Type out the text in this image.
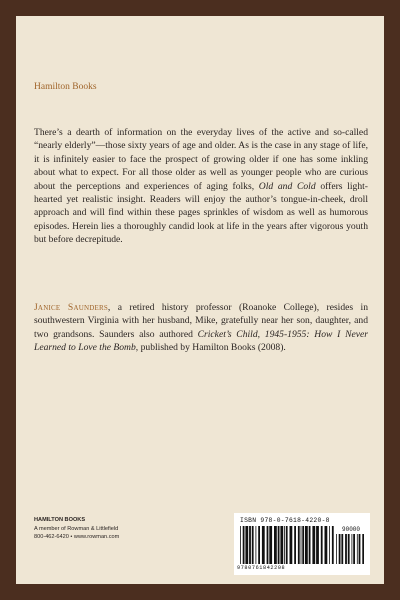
Hamilton Books

There’s a dearth of information on the everyday lives of the active and so-called “nearly elderly”—those sixty years of age and older. As is the case in any stage of life, it is infinitely easier to face the prospect of growing older if one has some inkling about what to expect. For all those older as well as younger people who are curious about the perceptions and experiences of aging folks, Old and Cold offers light-hearted yet realistic insight. Readers will enjoy the author’s tongue-in-cheek, droll approach and will find within these pages sprinkles of wisdom as well as humorous episodes. Herein lies a thoroughly candid look at life in the years after vigorous youth but before decrepitude.

Janice Saunders, a retired history professor (Roanoke College), resides in southwestern Virginia with her husband, Mike, gratefully near her son, daughter, and two grandsons. Saunders also authored Cricket’s Child, 1945-1955: How I Never Learned to Love the Bomb, published by Hamilton Books (2008).

HAMILTON BOOKS
A member of Rowman & Littlefield
800-462-6420 • www.rowman.com
ISBN 978-0-7618-4220-8
90000
9780761842208
